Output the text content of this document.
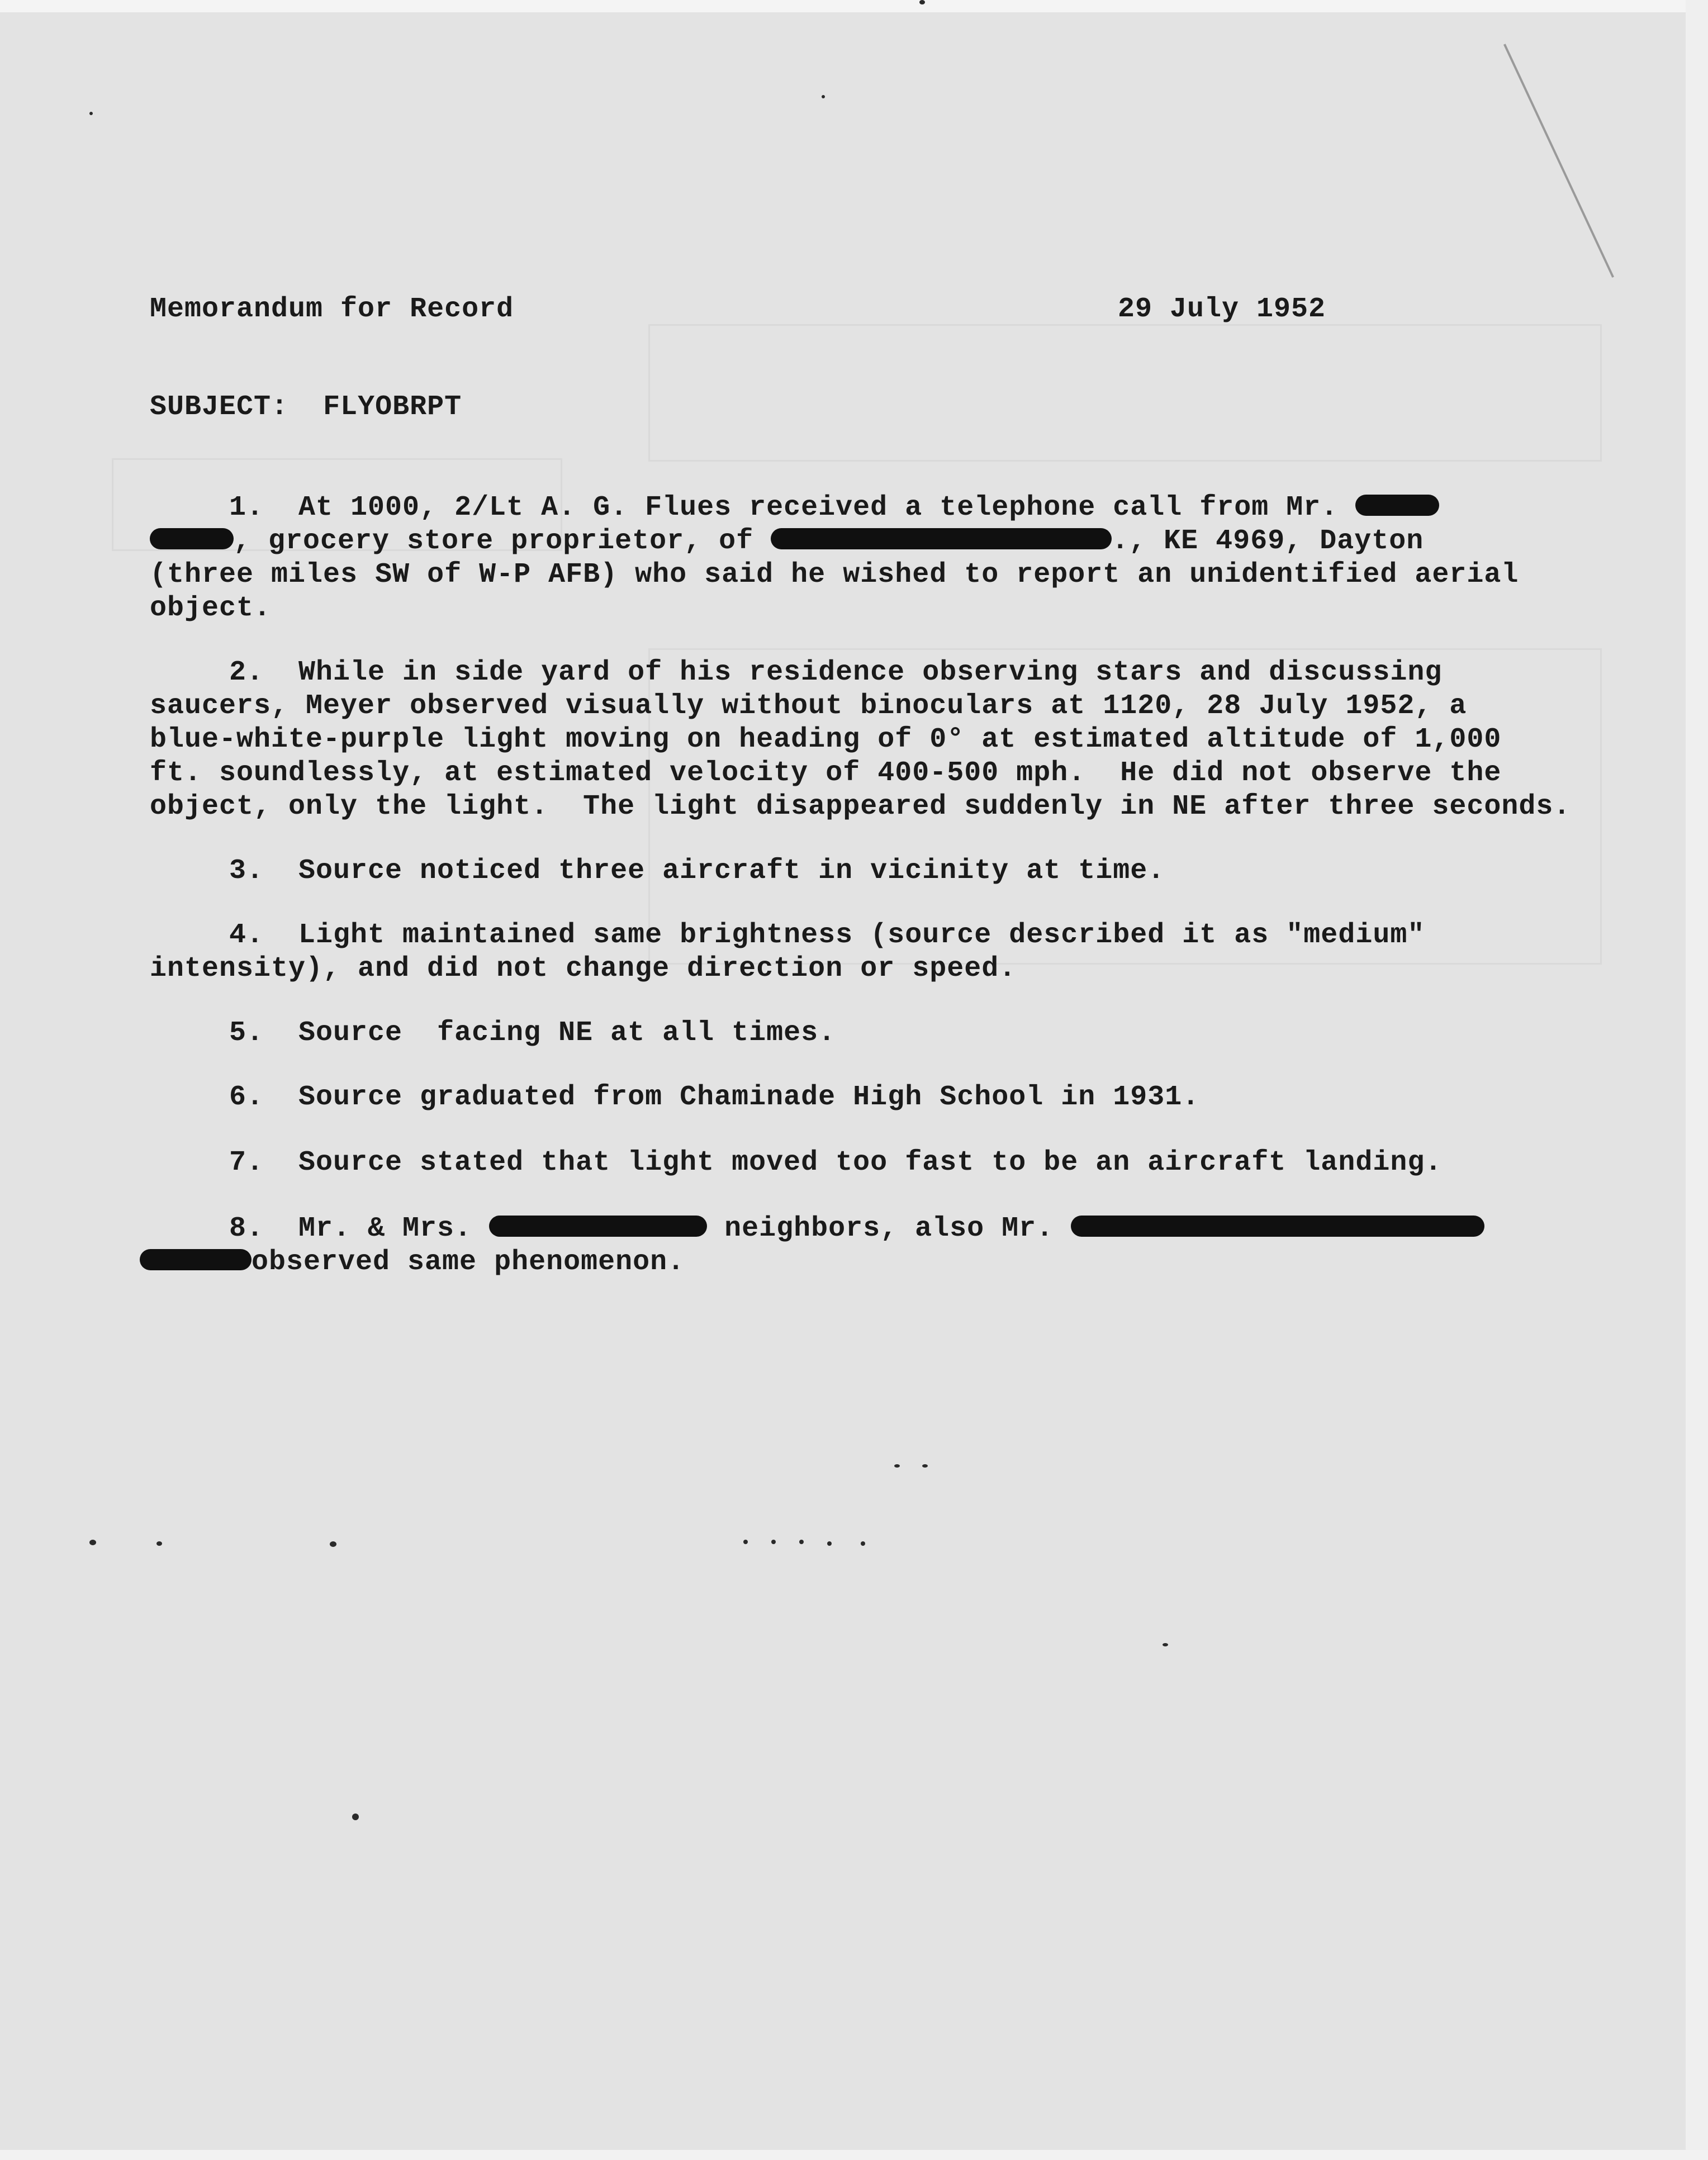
Memorandum for Record	29 July 1952
SUBJECT: FLYOBRPT
1.  At 1000, 2/Lt A. G. Flues received a telephone call from Mr.
, grocery store proprietor, of	., KE 4969, Dayton
(three miles SW of W-P AFB) who said he wished to report an unidentified aerial
object.
2.  While in side yard of his residence observing stars and discussing
saucers, Meyer observed visually without binoculars at 1120, 28 July 1952, a
blue-white-purple light moving on heading of 0° at estimated altitude of 1,000
ft. soundlessly, at estimated velocity of 400-500 mph.  He did not observe the
object, only the light.  The light disappeared suddenly in NE after three seconds.
3.  Source noticed three aircraft in vicinity at time.
4.  Light maintained same brightness (source described it as "medium"
intensity), and did not change direction or speed.
5.  Source  facing NE at all times.
6.  Source graduated from Chaminade High School in 1931.
7.  Source stated that light moved too fast to be an aircraft landing.
8.  Mr. & Mrs.	neighbors, also Mr.
observed same phenomenon.
